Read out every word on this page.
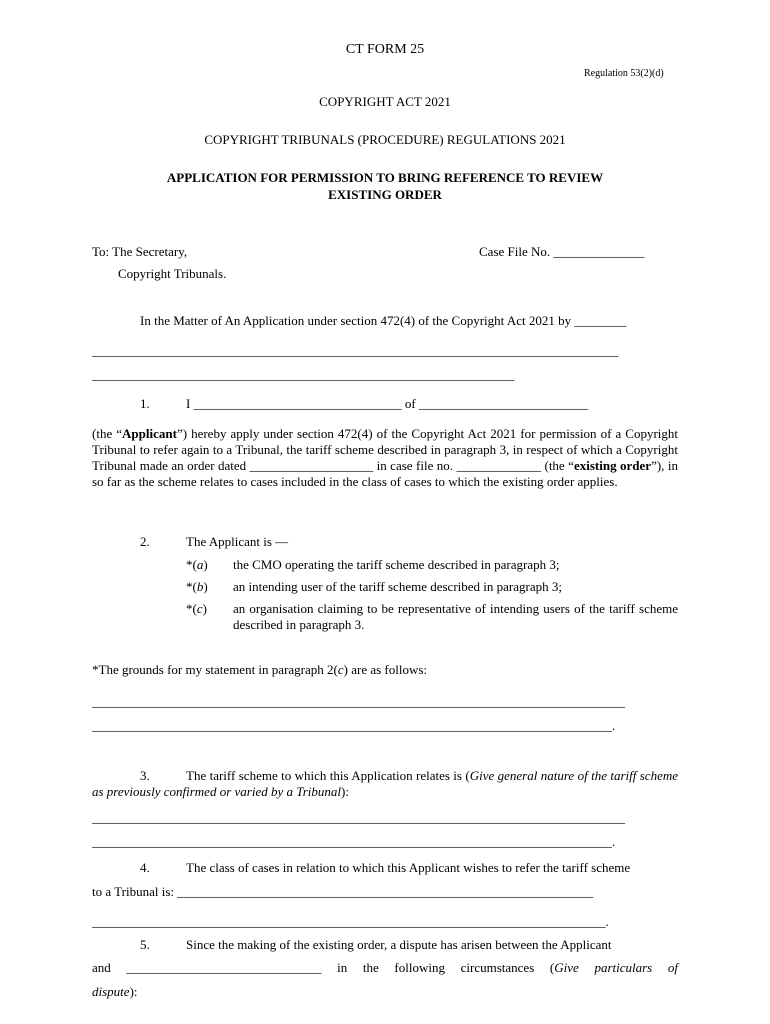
CT FORM 25
Regulation 53(2)(d)
COPYRIGHT ACT 2021
COPYRIGHT TRIBUNALS (PROCEDURE) REGULATIONS 2021
APPLICATION FOR PERMISSION TO BRING REFERENCE TO REVIEW
EXISTING ORDER
To: The Secretary,	Case File No. ______________
Copyright Tribunals.
In the Matter of An Application under section 472(4) of the Copyright Act 2021 by ________
_________________________________________________________________________________
_________________________________________________________________
1.	I ________________________________ of __________________________
(the “Applicant”) hereby apply under section 472(4) of the Copyright Act 2021 for permission of a Copyright Tribunal to refer again to a Tribunal, the tariff scheme described in paragraph 3, in respect of which a Copyright Tribunal made an order dated ___________________ in case file no. _____________ (the “existing order”), in so far as the scheme relates to cases included in the class of cases to which the existing order applies.
2.	The Applicant is —
*(a) the CMO operating the tariff scheme described in paragraph 3;
*(b) an intending user of the tariff scheme described in paragraph 3;
*(c) an organisation claiming to be representative of intending users of the tariff scheme described in paragraph 3.
*The grounds for my statement in paragraph 2(c) are as follows:
__________________________________________________________________________________
________________________________________________________________________________.
3.	The tariff scheme to which this Application relates is (Give general nature of the tariff scheme as previously confirmed or varied by a Tribunal):
__________________________________________________________________________________
________________________________________________________________________________.
4.	The class of cases in relation to which this Applicant wishes to refer the tariff scheme
to a Tribunal is: ________________________________________________________________
_______________________________________________________________________________.
5.	Since the making of the existing order, a dispute has arisen between the Applicant
and ______________________________ in the following circumstances (Give particulars of
dispute):
